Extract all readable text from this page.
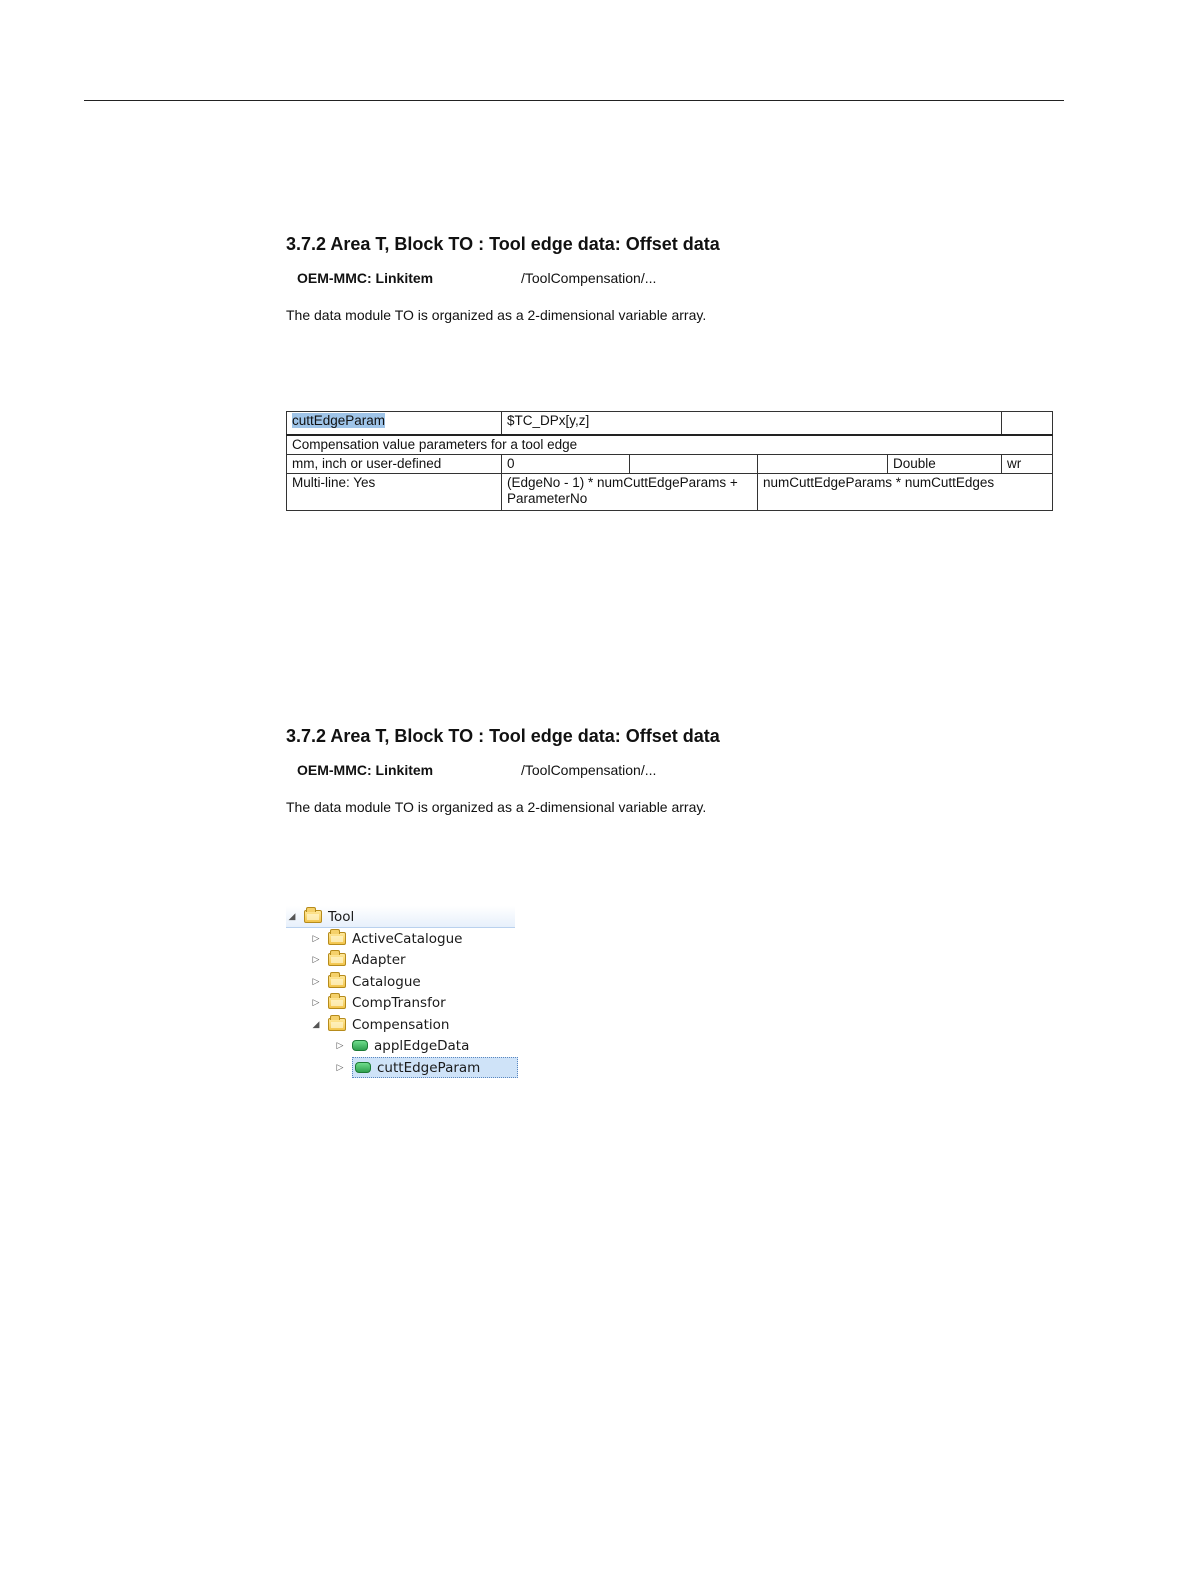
3.7.2 Area T, Block TO : Tool edge data: Offset data
OEM-MMC: Linkitem	/ToolCompensation/...
The data module TO is organized as a 2-dimensional variable array.
cuttEdgeParam	$TC_DPx[y,z]				
Compensation value parameters for a tool edge					
mm, inch or user-defined	0			Double	wr
Multi-line: Yes	(EdgeNo - 1) * numCuttEdgeParams + ParameterNo		numCuttEdgeParams * numCuttEdges		
3.7.2 Area T, Block TO : Tool edge data: Offset data
OEM-MMC: Linkitem	/ToolCompensation/...
The data module TO is organized as a 2-dimensional variable array.
◢ Tool
▷ ActiveCatalogue
▷ Adapter
▷ Catalogue
▷ CompTransfor
◢ Compensation
▷ applEdgeData
▷ cuttEdgeParam
